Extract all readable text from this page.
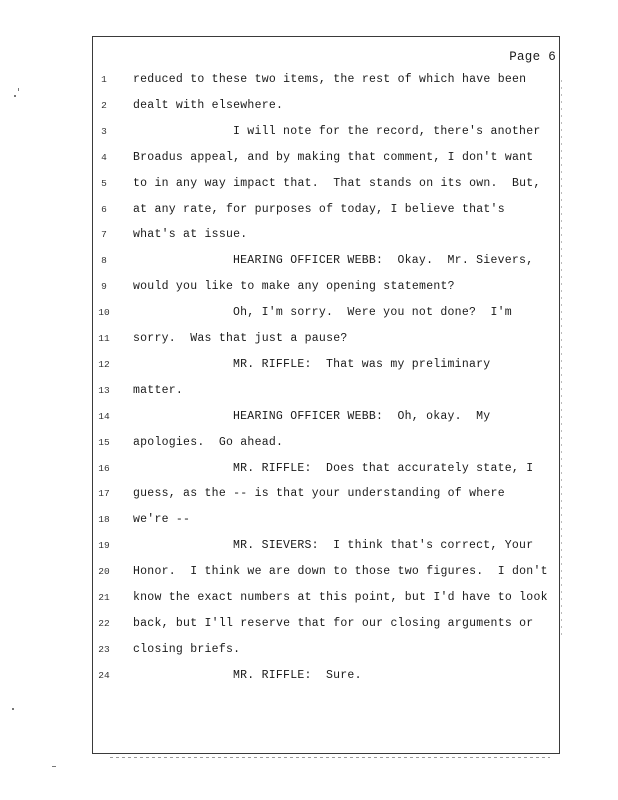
Page 6
1	reduced to these two items, the rest of which have been
2	dealt with elsewhere.
3	I will note for the record, there's another
4	Broadus appeal, and by making that comment, I don't want
5	to in any way impact that.  That stands on its own.  But,
6	at any rate, for purposes of today, I believe that's
7	what's at issue.
8	HEARING OFFICER WEBB:  Okay.  Mr. Sievers,
9	would you like to make any opening statement?
10	Oh, I'm sorry.  Were you not done?  I'm
11	sorry.  Was that just a pause?
12	MR. RIFFLE:  That was my preliminary
13	matter.
14	HEARING OFFICER WEBB:  Oh, okay.  My
15	apologies.  Go ahead.
16	MR. RIFFLE:  Does that accurately state, I
17	guess, as the -- is that your understanding of where
18	we're --
19	MR. SIEVERS:  I think that's correct, Your
20	Honor.  I think we are down to those two figures.  I don't
21	know the exact numbers at this point, but I'd have to look
22	back, but I'll reserve that for our closing arguments or
23	closing briefs.
24	MR. RIFFLE:  Sure.
